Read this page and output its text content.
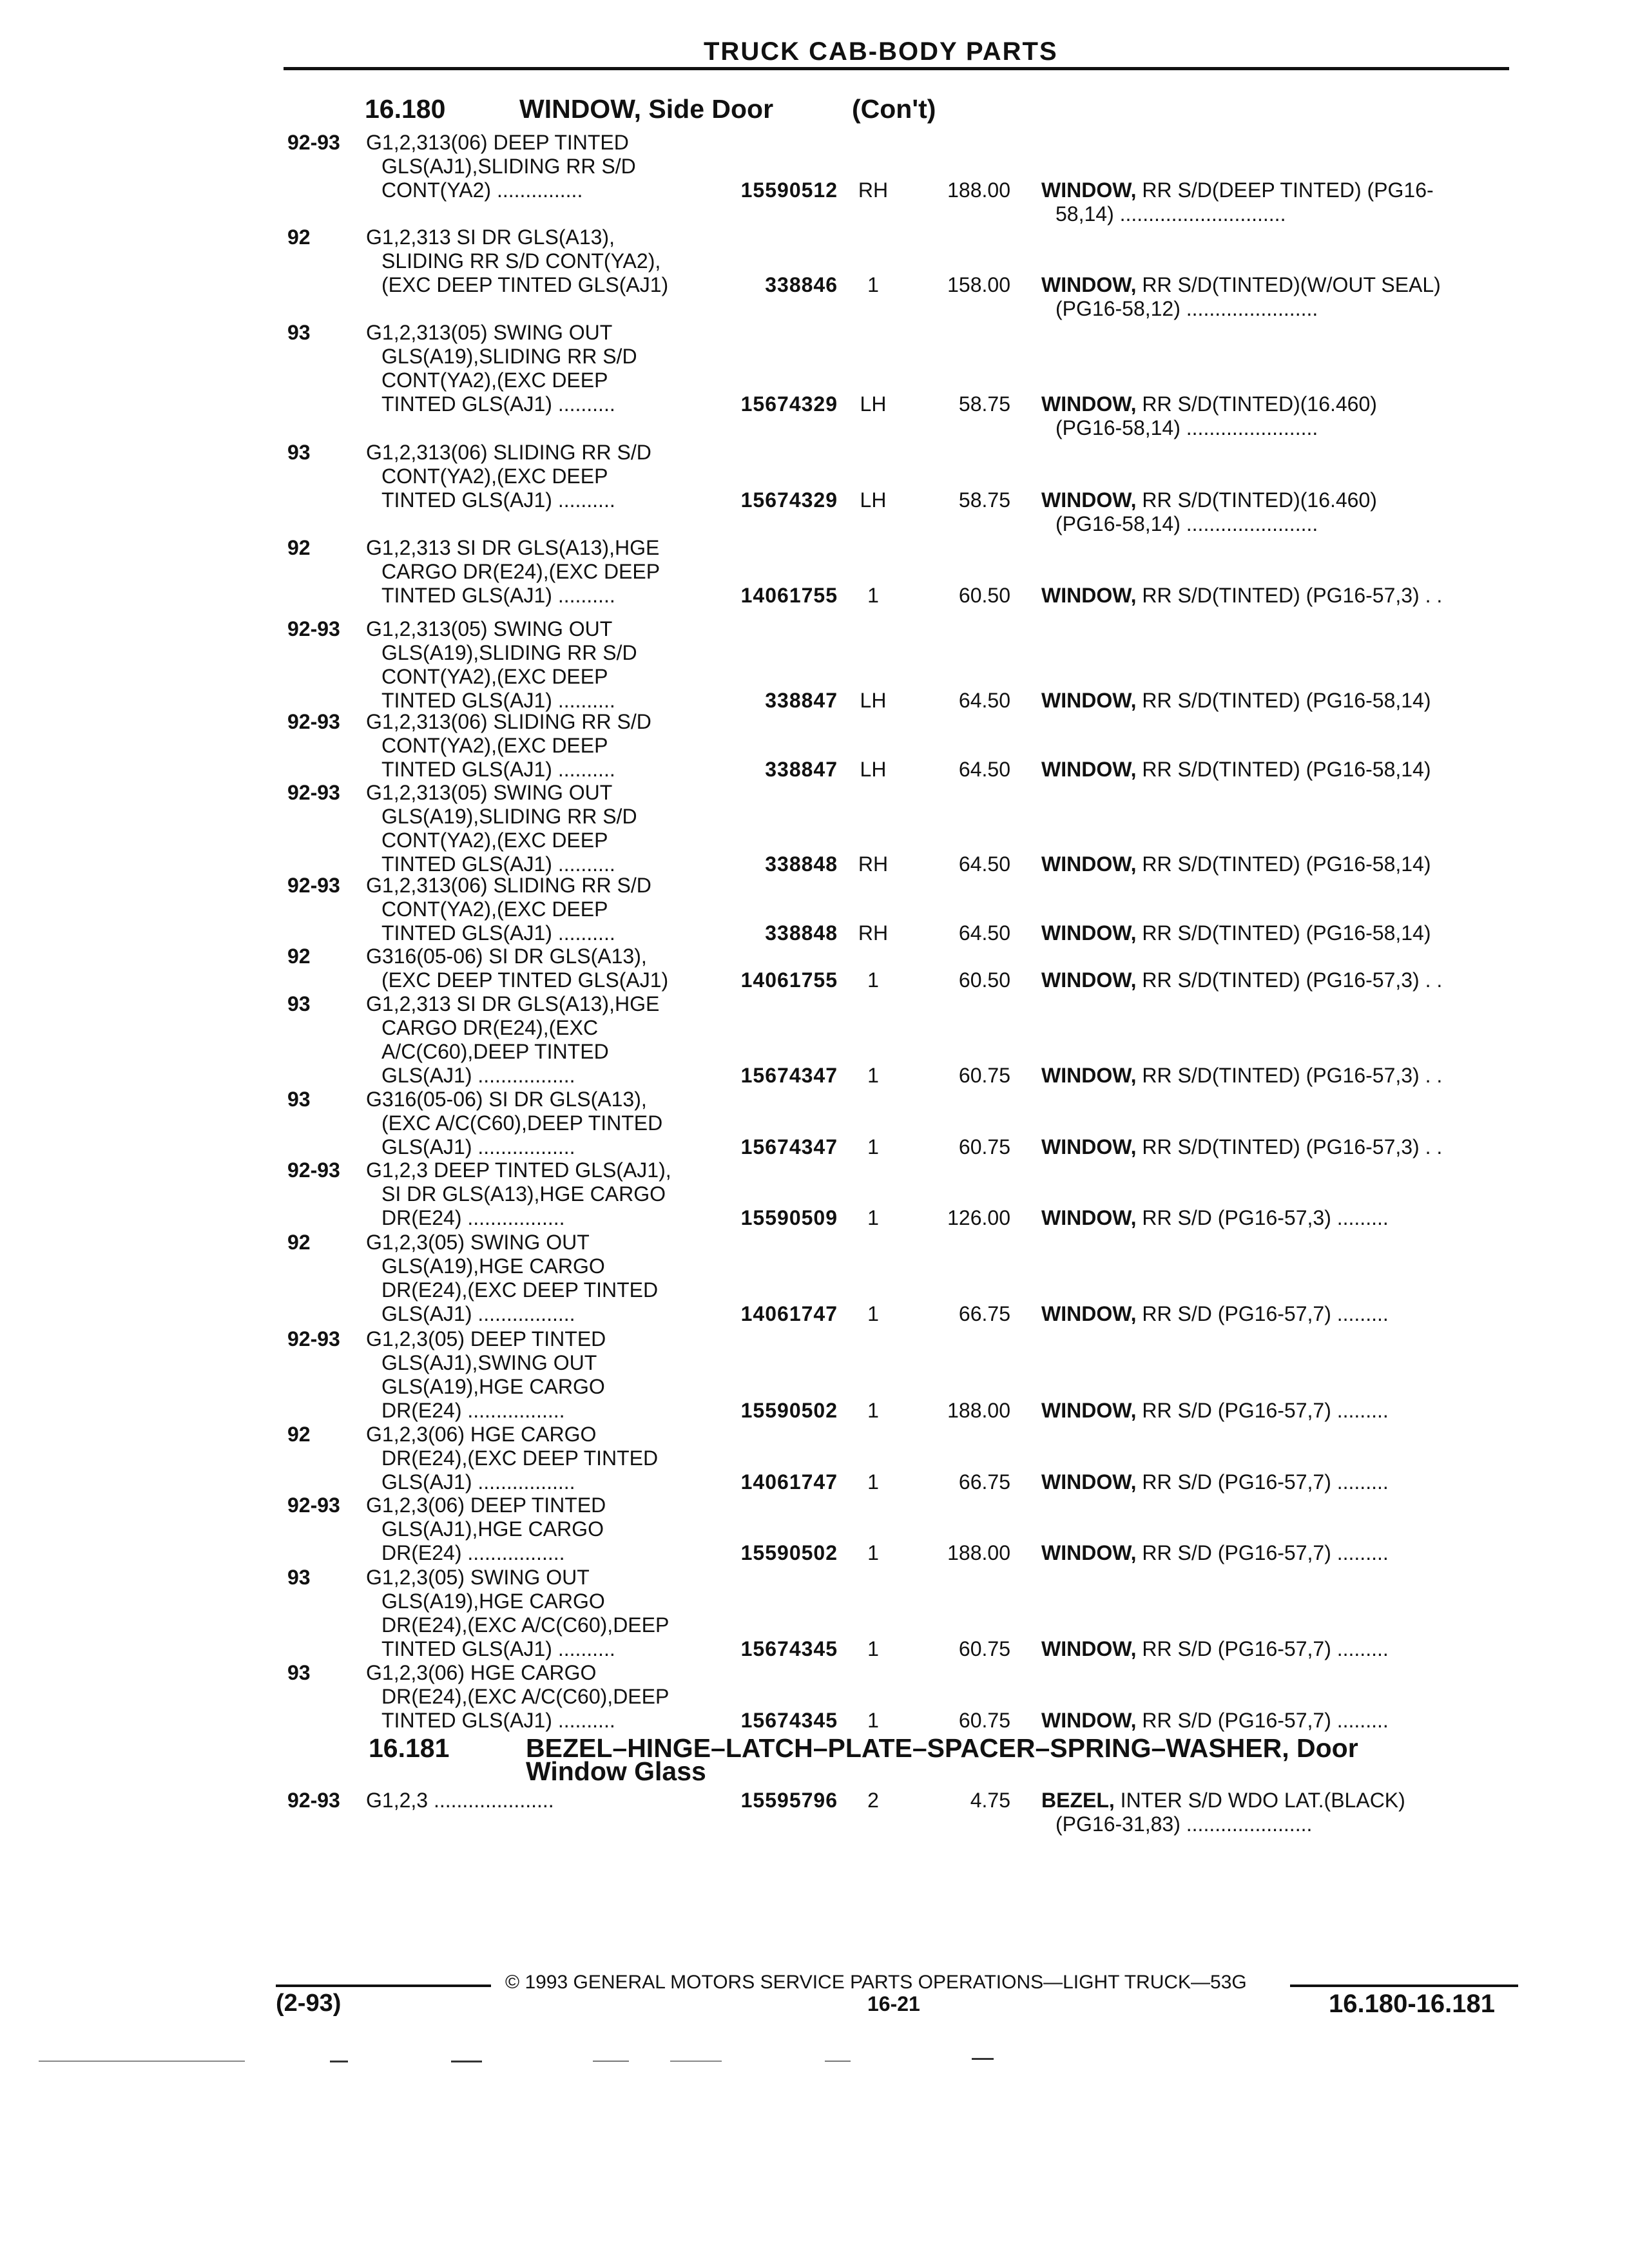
TRUCK CAB-BODY PARTS
16.180	WINDOW, Side Door	(Con't)
16.181	BEZEL–HINGE–LATCH–PLATE–SPACER–SPRING–WASHER, Door
Window Glass
92-93 G1,2,313(06) DEEP TINTED
GLS(AJ1),SLIDING RR S/D
CONT(YA2) ...............	15590512 RH	188.00 WINDOW, RR S/D(DEEP TINTED) (PG16-
58,14) .............................
92	G1,2,313 SI DR GLS(A13),
SLIDING RR S/D CONT(YA2),
(EXC DEEP TINTED GLS(AJ1)	338846	1	158.00 WINDOW, RR S/D(TINTED)(W/OUT SEAL)
(PG16-58,12) .......................
93	G1,2,313(05) SWING OUT
GLS(A19),SLIDING RR S/D
CONT(YA2),(EXC DEEP
TINTED GLS(AJ1) ..........	15674329	LH	58.75 WINDOW, RR S/D(TINTED)(16.460)
(PG16-58,14) .......................
93	G1,2,313(06) SLIDING RR S/D
CONT(YA2),(EXC DEEP
TINTED GLS(AJ1) ..........	15674329	LH	58.75 WINDOW, RR S/D(TINTED)(16.460)
(PG16-58,14) .......................
92	G1,2,313 SI DR GLS(A13),HGE
CARGO DR(E24),(EXC DEEP
TINTED GLS(AJ1) ..........	14061755	1	60.50 WINDOW, RR S/D(TINTED) (PG16-57,3) . .
92-93 G1,2,313(05) SWING OUT
GLS(A19),SLIDING RR S/D
CONT(YA2),(EXC DEEP
TINTED GLS(AJ1) ..........	338847	LH	64.50 WINDOW, RR S/D(TINTED) (PG16-58,14)
92-93 G1,2,313(06) SLIDING RR S/D
CONT(YA2),(EXC DEEP
TINTED GLS(AJ1) ..........	338847	LH	64.50 WINDOW, RR S/D(TINTED) (PG16-58,14)
92-93 G1,2,313(05) SWING OUT
GLS(A19),SLIDING RR S/D
CONT(YA2),(EXC DEEP
TINTED GLS(AJ1) ..........	338848 RH	64.50 WINDOW, RR S/D(TINTED) (PG16-58,14)
92-93 G1,2,313(06) SLIDING RR S/D
CONT(YA2),(EXC DEEP
TINTED GLS(AJ1) ..........	338848 RH	64.50 WINDOW, RR S/D(TINTED) (PG16-58,14)
92	G316(05-06) SI DR GLS(A13),
(EXC DEEP TINTED GLS(AJ1)	14061755	1	60.50 WINDOW, RR S/D(TINTED) (PG16-57,3) . .
93	G1,2,313 SI DR GLS(A13),HGE
CARGO DR(E24),(EXC
A/C(C60),DEEP TINTED
GLS(AJ1) .................	15674347	1	60.75 WINDOW, RR S/D(TINTED) (PG16-57,3) . .
93	G316(05-06) SI DR GLS(A13),
(EXC A/C(C60),DEEP TINTED
GLS(AJ1) .................	15674347	1	60.75 WINDOW, RR S/D(TINTED) (PG16-57,3) . .
92-93 G1,2,3 DEEP TINTED GLS(AJ1),
SI DR GLS(A13),HGE CARGO
DR(E24) .................	15590509	1	126.00 WINDOW, RR S/D (PG16-57,3) .........
92	G1,2,3(05) SWING OUT
GLS(A19),HGE CARGO
DR(E24),(EXC DEEP TINTED
GLS(AJ1) .................	14061747	1	66.75 WINDOW, RR S/D (PG16-57,7) .........
92-93 G1,2,3(05) DEEP TINTED
GLS(AJ1),SWING OUT
GLS(A19),HGE CARGO
DR(E24) .................	15590502	1	188.00 WINDOW, RR S/D (PG16-57,7) .........
92	G1,2,3(06) HGE CARGO
DR(E24),(EXC DEEP TINTED
GLS(AJ1) .................	14061747	1	66.75 WINDOW, RR S/D (PG16-57,7) .........
92-93 G1,2,3(06) DEEP TINTED
GLS(AJ1),HGE CARGO
DR(E24) .................	15590502	1	188.00 WINDOW, RR S/D (PG16-57,7) .........
93	G1,2,3(05) SWING OUT
GLS(A19),HGE CARGO
DR(E24),(EXC A/C(C60),DEEP
TINTED GLS(AJ1) ..........	15674345	1	60.75 WINDOW, RR S/D (PG16-57,7) .........
93	G1,2,3(06) HGE CARGO
DR(E24),(EXC A/C(C60),DEEP
TINTED GLS(AJ1) ..........	15674345	1	60.75 WINDOW, RR S/D (PG16-57,7) .........
92-93 G1,2,3 .....................	15595796	2	4.75 BEZEL, INTER S/D WDO LAT.(BLACK)
(PG16-31,83) ......................
© 1993 GENERAL MOTORS SERVICE PARTS OPERATIONS—LIGHT TRUCK—53G
(2-93)	16-21	16.180-16.181
